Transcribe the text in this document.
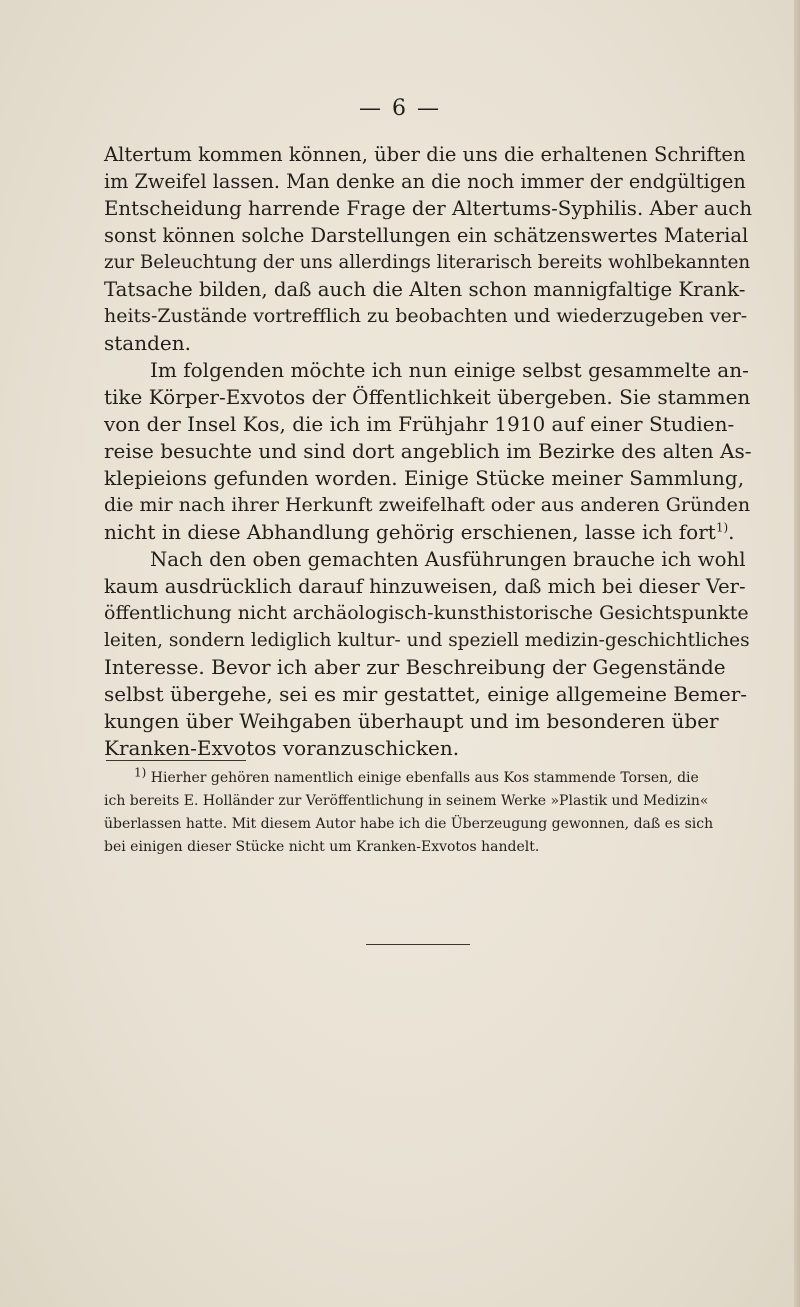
— 6 —
Altertum kommen können, über die uns die erhaltenen Schriften
im Zweifel lassen. Man denke an die noch immer der endgültigen
Entscheidung harrende Frage der Altertums-Syphilis. Aber auch
sonst können solche Darstellungen ein schätzenswertes Material
zur Beleuchtung der uns allerdings literarisch bereits wohlbekannten
Tatsache bilden, daß auch die Alten schon mannigfaltige Krank-
heits-Zustände vortrefflich zu beobachten und wiederzugeben ver-
standen.
Im folgenden möchte ich nun einige selbst gesammelte an-
tike Körper-Exvotos der Öffentlichkeit übergeben. Sie stammen
von der Insel Kos, die ich im Frühjahr 1910 auf einer Studien-
reise besuchte und sind dort angeblich im Bezirke des alten As-
klepieions gefunden worden. Einige Stücke meiner Sammlung,
die mir nach ihrer Herkunft zweifelhaft oder aus anderen Gründen
nicht in diese Abhandlung gehörig erschienen, lasse ich fort$^{1)}$.
Nach den oben gemachten Ausführungen brauche ich wohl
kaum ausdrücklich darauf hinzuweisen, daß mich bei dieser Ver-
öffentlichung nicht archäologisch-kunsthistorische Gesichtspunkte
leiten, sondern lediglich kultur- und speziell medizin-geschichtliches
Interesse. Bevor ich aber zur Beschreibung der Gegenstände
selbst übergehe, sei es mir gestattet, einige allgemeine Bemer-
kungen über Weihgaben überhaupt und im besonderen über
Kranken-Exvotos voranzuschicken.
$^{1)}$ Hierher gehören namentlich einige ebenfalls aus Kos stammende Torsen, die
ich bereits E. Holländer zur Veröffentlichung in seinem Werke »Plastik und Medizin«
überlassen hatte. Mit diesem Autor habe ich die Überzeugung gewonnen, daß es sich
bei einigen dieser Stücke nicht um Kranken-Exvotos handelt.
